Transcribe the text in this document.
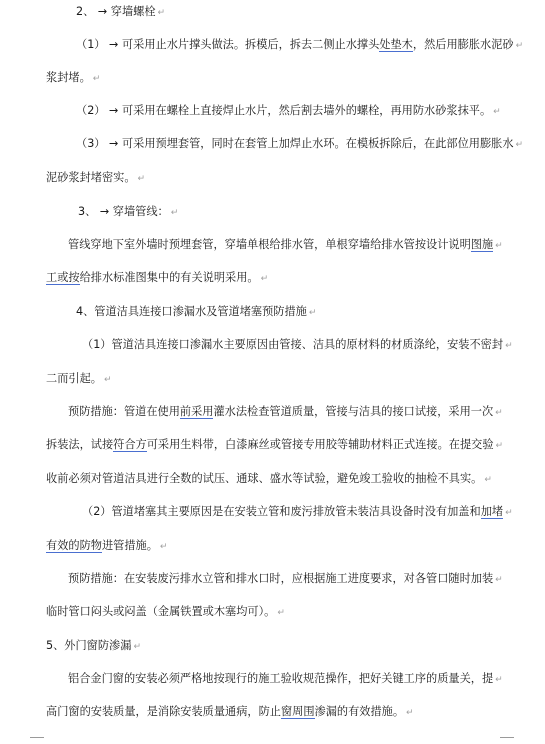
2、 → 穿墙螺栓 ↵
（1） → 可采用止水片撑头做法。拆模后，拆去二侧止水撑头处垫木，然后用膨胀水泥砂 ↵
浆封堵。 ↵
（2） → 可采用在螺栓上直接焊止水片，然后割去墙外的螺栓，再用防水砂浆抹平。 ↵
（3） → 可采用预埋套管，同时在套管上加焊止水环。在模板拆除后，在此部位用膨胀水 ↵
泥砂浆封堵密实。 ↵
3、 → 穿墙管线： ↵
管线穿地下室外墙时预埋套管，穿墙单根给排水管，单根穿墙给排水管按设计说明图施 ↵
工或按给排水标准图集中的有关说明采用。 ↵
4、管道洁具连接口渗漏水及管道堵塞预防措施 ↵
（1）管道洁具连接口渗漏水主要原因由管接、洁具的原材料的材质涤纶，安装不密封 ↵
二而引起。 ↵
预防措施：管道在使用前采用灌水法检查管道质量，管接与洁具的接口试接，采用一次 ↵
拆装法，试接符合方可采用生料带，白漆麻丝或管接专用胶等辅助材料正式连接。在提交验 ↵
收前必须对管道洁具进行全数的试压、通球、盛水等试验，避免竣工验收的抽检不具实。 ↵
（2）管道堵塞其主要原因是在安装立管和废污排放管未装洁具设备时没有加盖和加堵 ↵
有效的防物进管措施。 ↵
预防措施：在安装废污排水立管和排水口时，应根据施工进度要求，对各管口随时加装 ↵
临时管口闷头或闷盖（金属铁置或木塞均可）。 ↵
5、外门窗防渗漏 ↵
铝合金门窗的安装必须严格地按现行的施工验收规范操作，把好关键工序的质量关，提 ↵
高门窗的安装质量，是消除安装质量通病，防止窗周围渗漏的有效措施。 ↵
